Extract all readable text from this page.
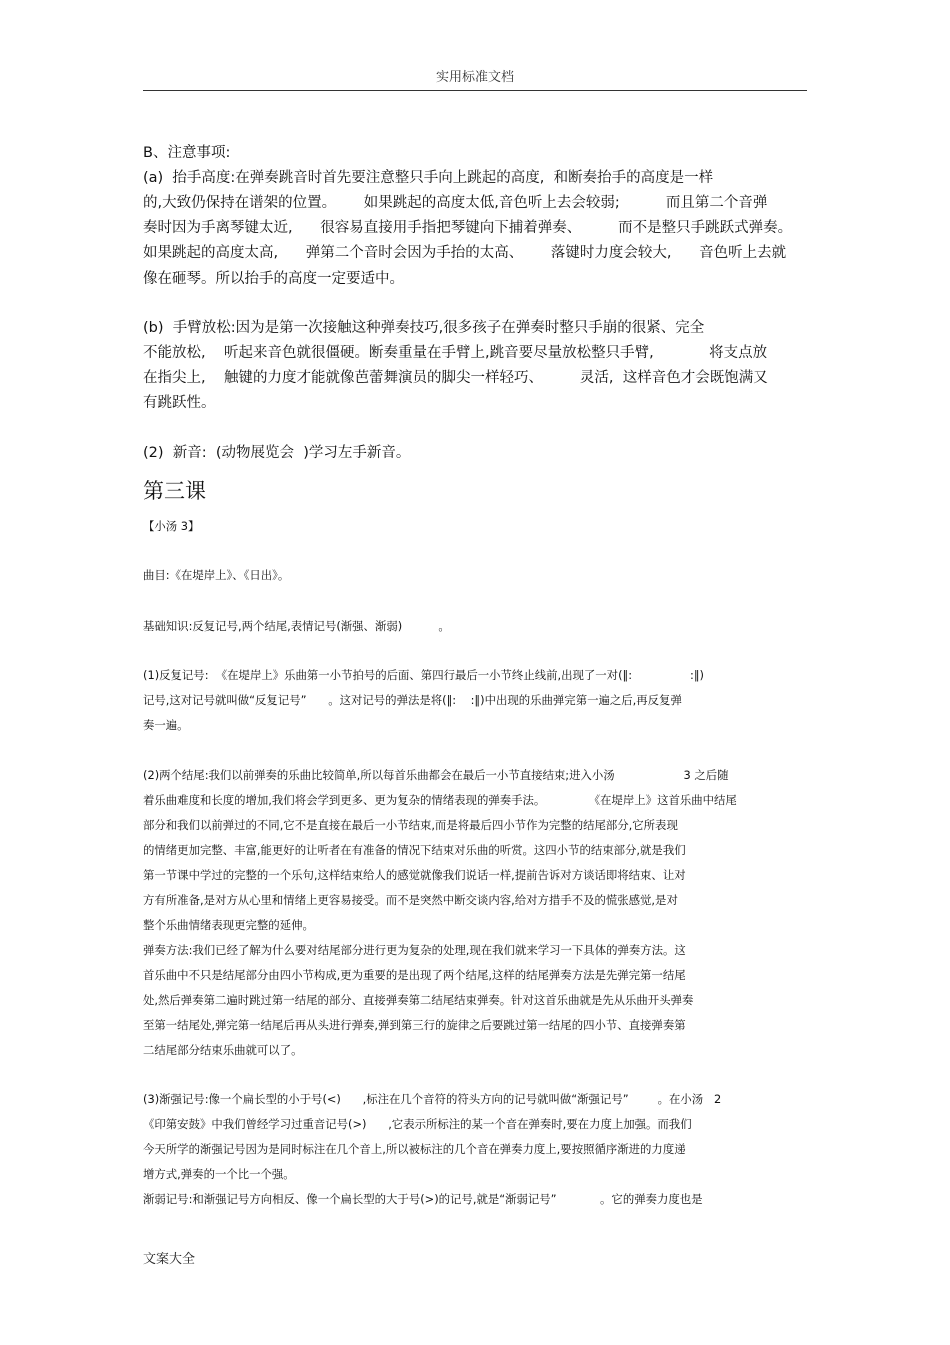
实用标准文档
B、注意事项:
(a)  抬手高度:在弹奏跳音时首先要注意整只手向上跳起的高度,  和断奏抬手的高度是一样
的,大致仍保持在谱架的位置。      如果跳起的高度太低,音色听上去会较弱;          而且第二个音弹
奏时因为手离琴键太近,      很容易直接用手指把琴键向下捕着弹奏、        而不是整只手跳跃式弹奏。
如果跳起的高度太高,      弹第二个音时会因为手抬的太高、      落键时力度会较大,      音色听上去就
像在砸琴。所以抬手的高度一定要适中。
(b)  手臂放松:因为是第一次接触这种弹奏技巧,很多孩子在弹奏时整只手崩的很紧、完全
不能放松,    听起来音色就很僵硬。断奏重量在手臂上,跳音要尽量放松整只手臂,            将支点放
在指尖上,    触键的力度才能就像芭蕾舞演员的脚尖一样轻巧、        灵活,  这样音色才会既饱满又
有跳跃性。
(2)  新音:  (动物展览会  )学习左手新音。
第三课
【小汤 3】
曲目:《在堤岸上》、《日出》。
基础知识:反复记号,两个结尾,表情记号(渐强、渐弱)          。
(1)反复记号:  《在堤岸上》乐曲第一小节拍号的后面、第四行最后一小节终止线前,出现了一对(‖:                :‖)
记号,这对记号就叫做“反复记号”      。这对记号的弹法是将(‖:    :‖)中出现的乐曲弹完第一遍之后,再反复弹
奏一遍。
(2)两个结尾:我们以前弹奏的乐曲比较简单,所以每首乐曲都会在最后一小节直接结束;进入小汤                   3 之后随
着乐曲难度和长度的增加,我们将会学到更多、更为复杂的情绪表现的弹奏手法。            《在堤岸上》这首乐曲中结尾
部分和我们以前弹过的不同,它不是直接在最后一小节结束,而是将最后四小节作为完整的结尾部分,它所表现
的情绪更加完整、丰富,能更好的让听者在有准备的情况下结束对乐曲的听赏。这四小节的结束部分,就是我们
第一节课中学过的完整的一个乐句,这样结束给人的感觉就像我们说话一样,提前告诉对方谈话即将结束、让对
方有所准备,是对方从心里和情绪上更容易接受。而不是突然中断交谈内容,给对方措手不及的慌张感觉,是对
整个乐曲情绪表现更完整的延伸。
弹奏方法:我们已经了解为什么要对结尾部分进行更为复杂的处理,现在我们就来学习一下具体的弹奏方法。这
首乐曲中不只是结尾部分由四小节构成,更为重要的是出现了两个结尾,这样的结尾弹奏方法是先弹完第一结尾
处,然后弹奏第二遍时跳过第一结尾的部分、直接弹奏第二结尾结束弹奏。针对这首乐曲就是先从乐曲开头弹奏
至第一结尾处,弹完第一结尾后再从头进行弹奏,弹到第三行的旋律之后要跳过第一结尾的四小节、直接弹奏第
二结尾部分结束乐曲就可以了。
(3)渐强记号:像一个扁长型的小于号(<)      ,标注在几个音符的符头方向的记号就叫做“渐强记号”        。在小汤   2
《印第安鼓》中我们曾经学习过重音记号(>)      ,它表示所标注的某一个音在弹奏时,要在力度上加强。而我们
今天所学的渐强记号因为是同时标注在几个音上,所以被标注的几个音在弹奏力度上,要按照循序渐进的力度递
增方式,弹奏的一个比一个强。
渐弱记号:和渐强记号方向相反、像一个扁长型的大于号(>)的记号,就是“渐弱记号”            。它的弹奏力度也是
文案大全
